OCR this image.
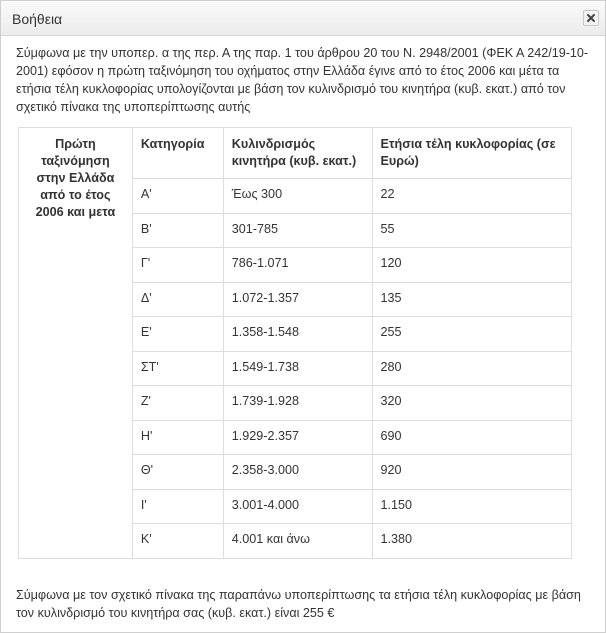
Βοήθεια
Σύμφωνα με την υποπερ. α της περ. Α της παρ. 1 του άρθρου 20 του Ν. 2948/2001 (ΦΕΚ Α 242/19-10-2001) εφόσον η πρώτη ταξινόμηση του οχήματος στην Ελλάδα έγινε από το έτος 2006 και μέτα τα ετήσια τέλη κυκλοφορίας υπολογίζονται με βάση τον κυλινδρισμό του κινητήρα (κυβ. εκατ.) από τον σχετικό πίνακα της υποπερίπτωσης αυτής
Πρώτη ταξινόμηση στην Ελλάδα από το έτος 2006 και μετα	Κατηγορία	Κυλινδρισμός κινητήρα (κυβ. εκατ.)	Ετήσια τέλη κυκλοφορίας (σε Ευρώ)
	Α'	Έως 300	22
	Β'	301-785	55
	Γ'	786-1.071	120
	Δ'	1.072-1.357	135
	Ε'	1.358-1.548	255
	ΣΤ'	1.549-1.738	280
	Ζ'	1.739-1.928	320
	Η'	1.929-2.357	690
	Θ'	2.358-3.000	920
	Ι'	3.001-4.000	1.150
	Κ'	4.001 και άνω	1.380
Σύμφωνα με τον σχετικό πίνακα της παραπάνω υποπερίπτωσης τα ετήσια τέλη κυκλοφορίας με βάση τον κυλινδρισμό του κινητήρα σας (κυβ. εκατ.) είναι 255 €
